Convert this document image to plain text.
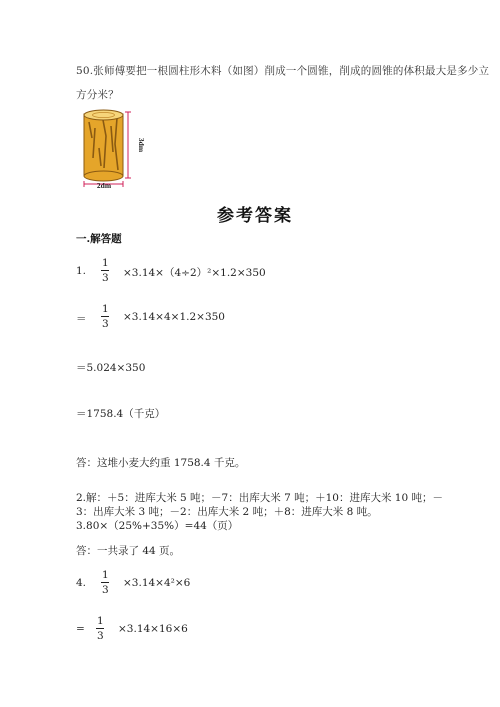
50.张师傅要把一根圆柱形木料（如图）削成一个圆锥，削成的圆锥的体积最大是多少立
方分米？
3dm
2dm
参考答案
一.解答题
1.
1
3 ×3.14×（4÷2）²×1.2×350
＝
1
3
×3.14×4×1.2×350
＝5.024×350
＝1758.4（千克）
答：这堆小麦大约重 1758.4 千克。
2.解：＋5：进库大米 5 吨；－7：出库大米 7 吨；＋10：进库大米 10 吨；－
3：出库大米 3 吨；－2：出库大米 2 吨；＋8：进库大米 8 吨。
3.80×（25%+35%）=44（页）
答：一共录了 44 页。
4.
1
3
×3.14×4²×6
=
1
3
×3.14×16×6
